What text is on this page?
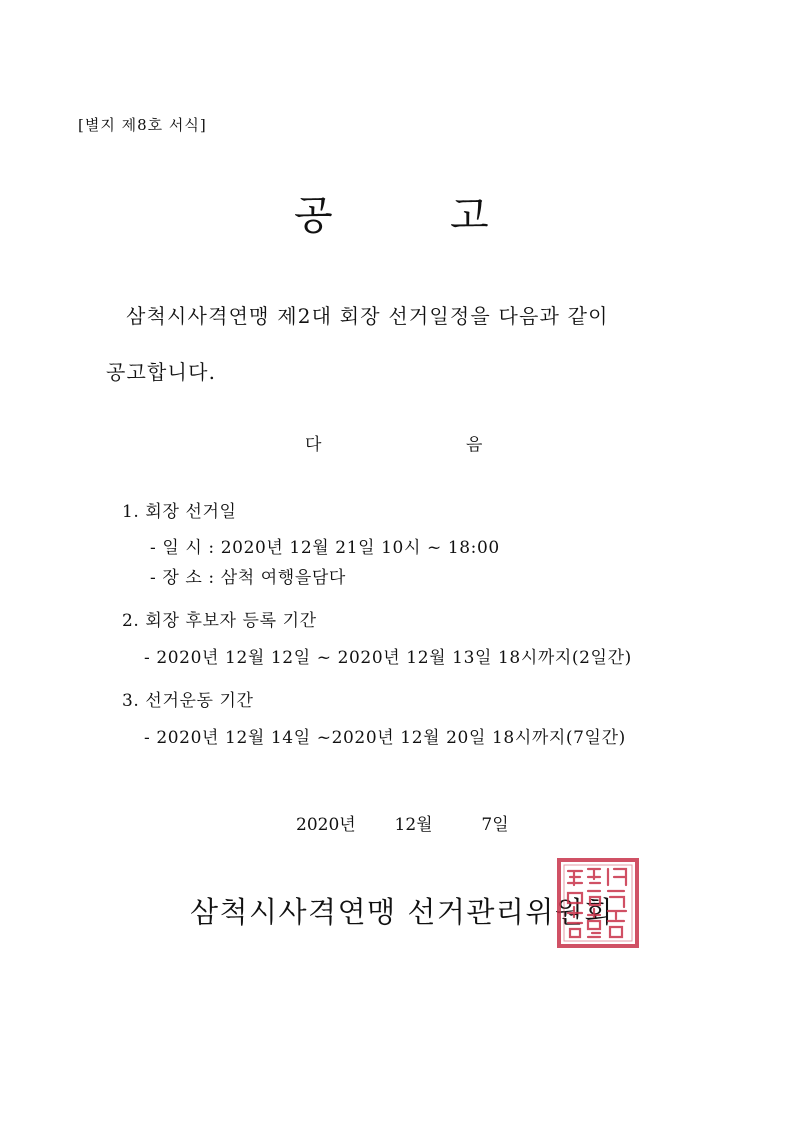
[별지 제8호 서식]
공	고
삼척시사격연맹 제2대 회장 선거일정을 다음과 같이
공고합니다.
다	음
1. 회장 선거일
- 일 시 : 2020년 12월 21일 10시 ~ 18:00
- 장 소 : 삼척 여행을담다
2. 회장 후보자 등록 기간
- 2020년 12월 12일 ~ 2020년 12월 13일 18시까지(2일간)
3. 선거운동 기간
- 2020년 12월 14일 ~2020년 12월 20일 18시까지(7일간)
2020년 12월	7일
삼척시사격연맹 선거관리위원회
